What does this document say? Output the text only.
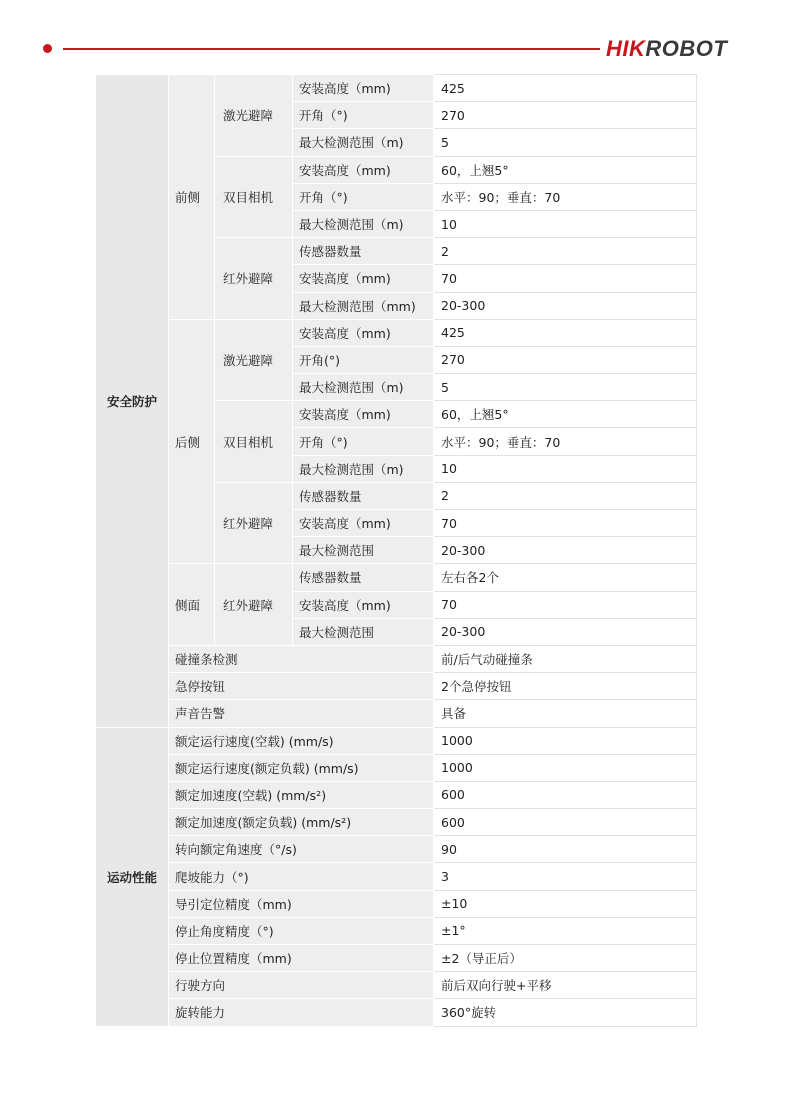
HIKROBOT
安全防护	前侧	激光避障	安装高度（mm)	425
			开角（°)	270
			最大检测范围（m)	5
		双目相机	安装高度（mm)	60，上翘5°
			开角（°)	水平：90；垂直：70
			最大检测范围（m)	10
		红外避障	传感器数量	2
			安装高度（mm)	70
			最大检测范围（mm)	20-300
	后侧	激光避障	安装高度（mm)	425
			开角(°)	270
			最大检测范围（m)	5
		双目相机	安装高度（mm)	60，上翘5°
			开角（°)	水平：90；垂直：70
			最大检测范围（m)	10
		红外避障	传感器数量	2
			安装高度（mm)	70
			最大检测范围	20-300
	侧面	红外避障	传感器数量	左右各2个
			安装高度（mm)	70
			最大检测范围	20-300
	碰撞条检测			前/后气动碰撞条
	急停按钮			2个急停按钮
	声音告警			具备
运动性能	额定运行速度(空载) (mm/s)			1000
	额定运行速度(额定负载) (mm/s)			1000
	额定加速度(空载) (mm/s²)			600
	额定加速度(额定负载) (mm/s²)			600
	转向额定角速度（°/s)			90
	爬坡能力（°)			3
	导引定位精度（mm)			±10
	停止角度精度（°)			±1°
	停止位置精度（mm)			±2（导正后）
	行驶方向			前后双向行驶+平移
	旋转能力			360°旋转
